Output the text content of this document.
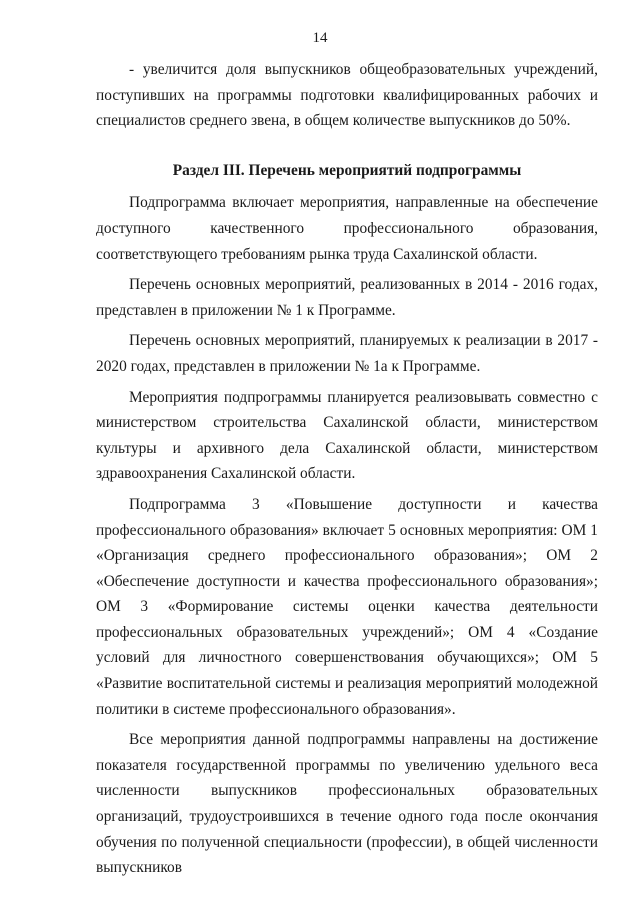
14

- увеличится доля выпускников общеобразовательных учреждений, поступивших на программы подготовки квалифицированных рабочих и специалистов среднего звена, в общем количестве выпускников до 50%.

Раздел III. Перечень мероприятий подпрограммы

Подпрограмма включает мероприятия, направленные на обеспечение доступного качественного профессионального образования, соответствующего требованиям рынка труда Сахалинской области.

Перечень основных мероприятий, реализованных в 2014 - 2016 годах, представлен в приложении № 1 к Программе.

Перечень основных мероприятий, планируемых к реализации в 2017 - 2020 годах, представлен в приложении № 1а к Программе.

Мероприятия подпрограммы планируется реализовывать совместно с министерством строительства Сахалинской области, министерством культуры и архивного дела Сахалинской области, министерством здравоохранения Сахалинской области.

Подпрограмма 3 «Повышение доступности и качества профессионального образования» включает 5 основных мероприятия: ОМ 1 «Организация среднего профессионального образования»; ОМ 2 «Обеспечение доступности и качества профессионального образования»; ОМ 3 «Формирование системы оценки качества деятельности профессиональных образовательных учреждений»; ОМ 4 «Создание условий для личностного совершенствования обучающихся»; ОМ 5 «Развитие воспитательной системы и реализация мероприятий молодежной политики в системе профессионального образования».

Все мероприятия данной подпрограммы направлены на достижение показателя государственной программы по увеличению удельного веса численности выпускников профессиональных образовательных организаций, трудоустроившихся в течение одного года после окончания обучения по полученной специальности (профессии), в общей численности выпускников
